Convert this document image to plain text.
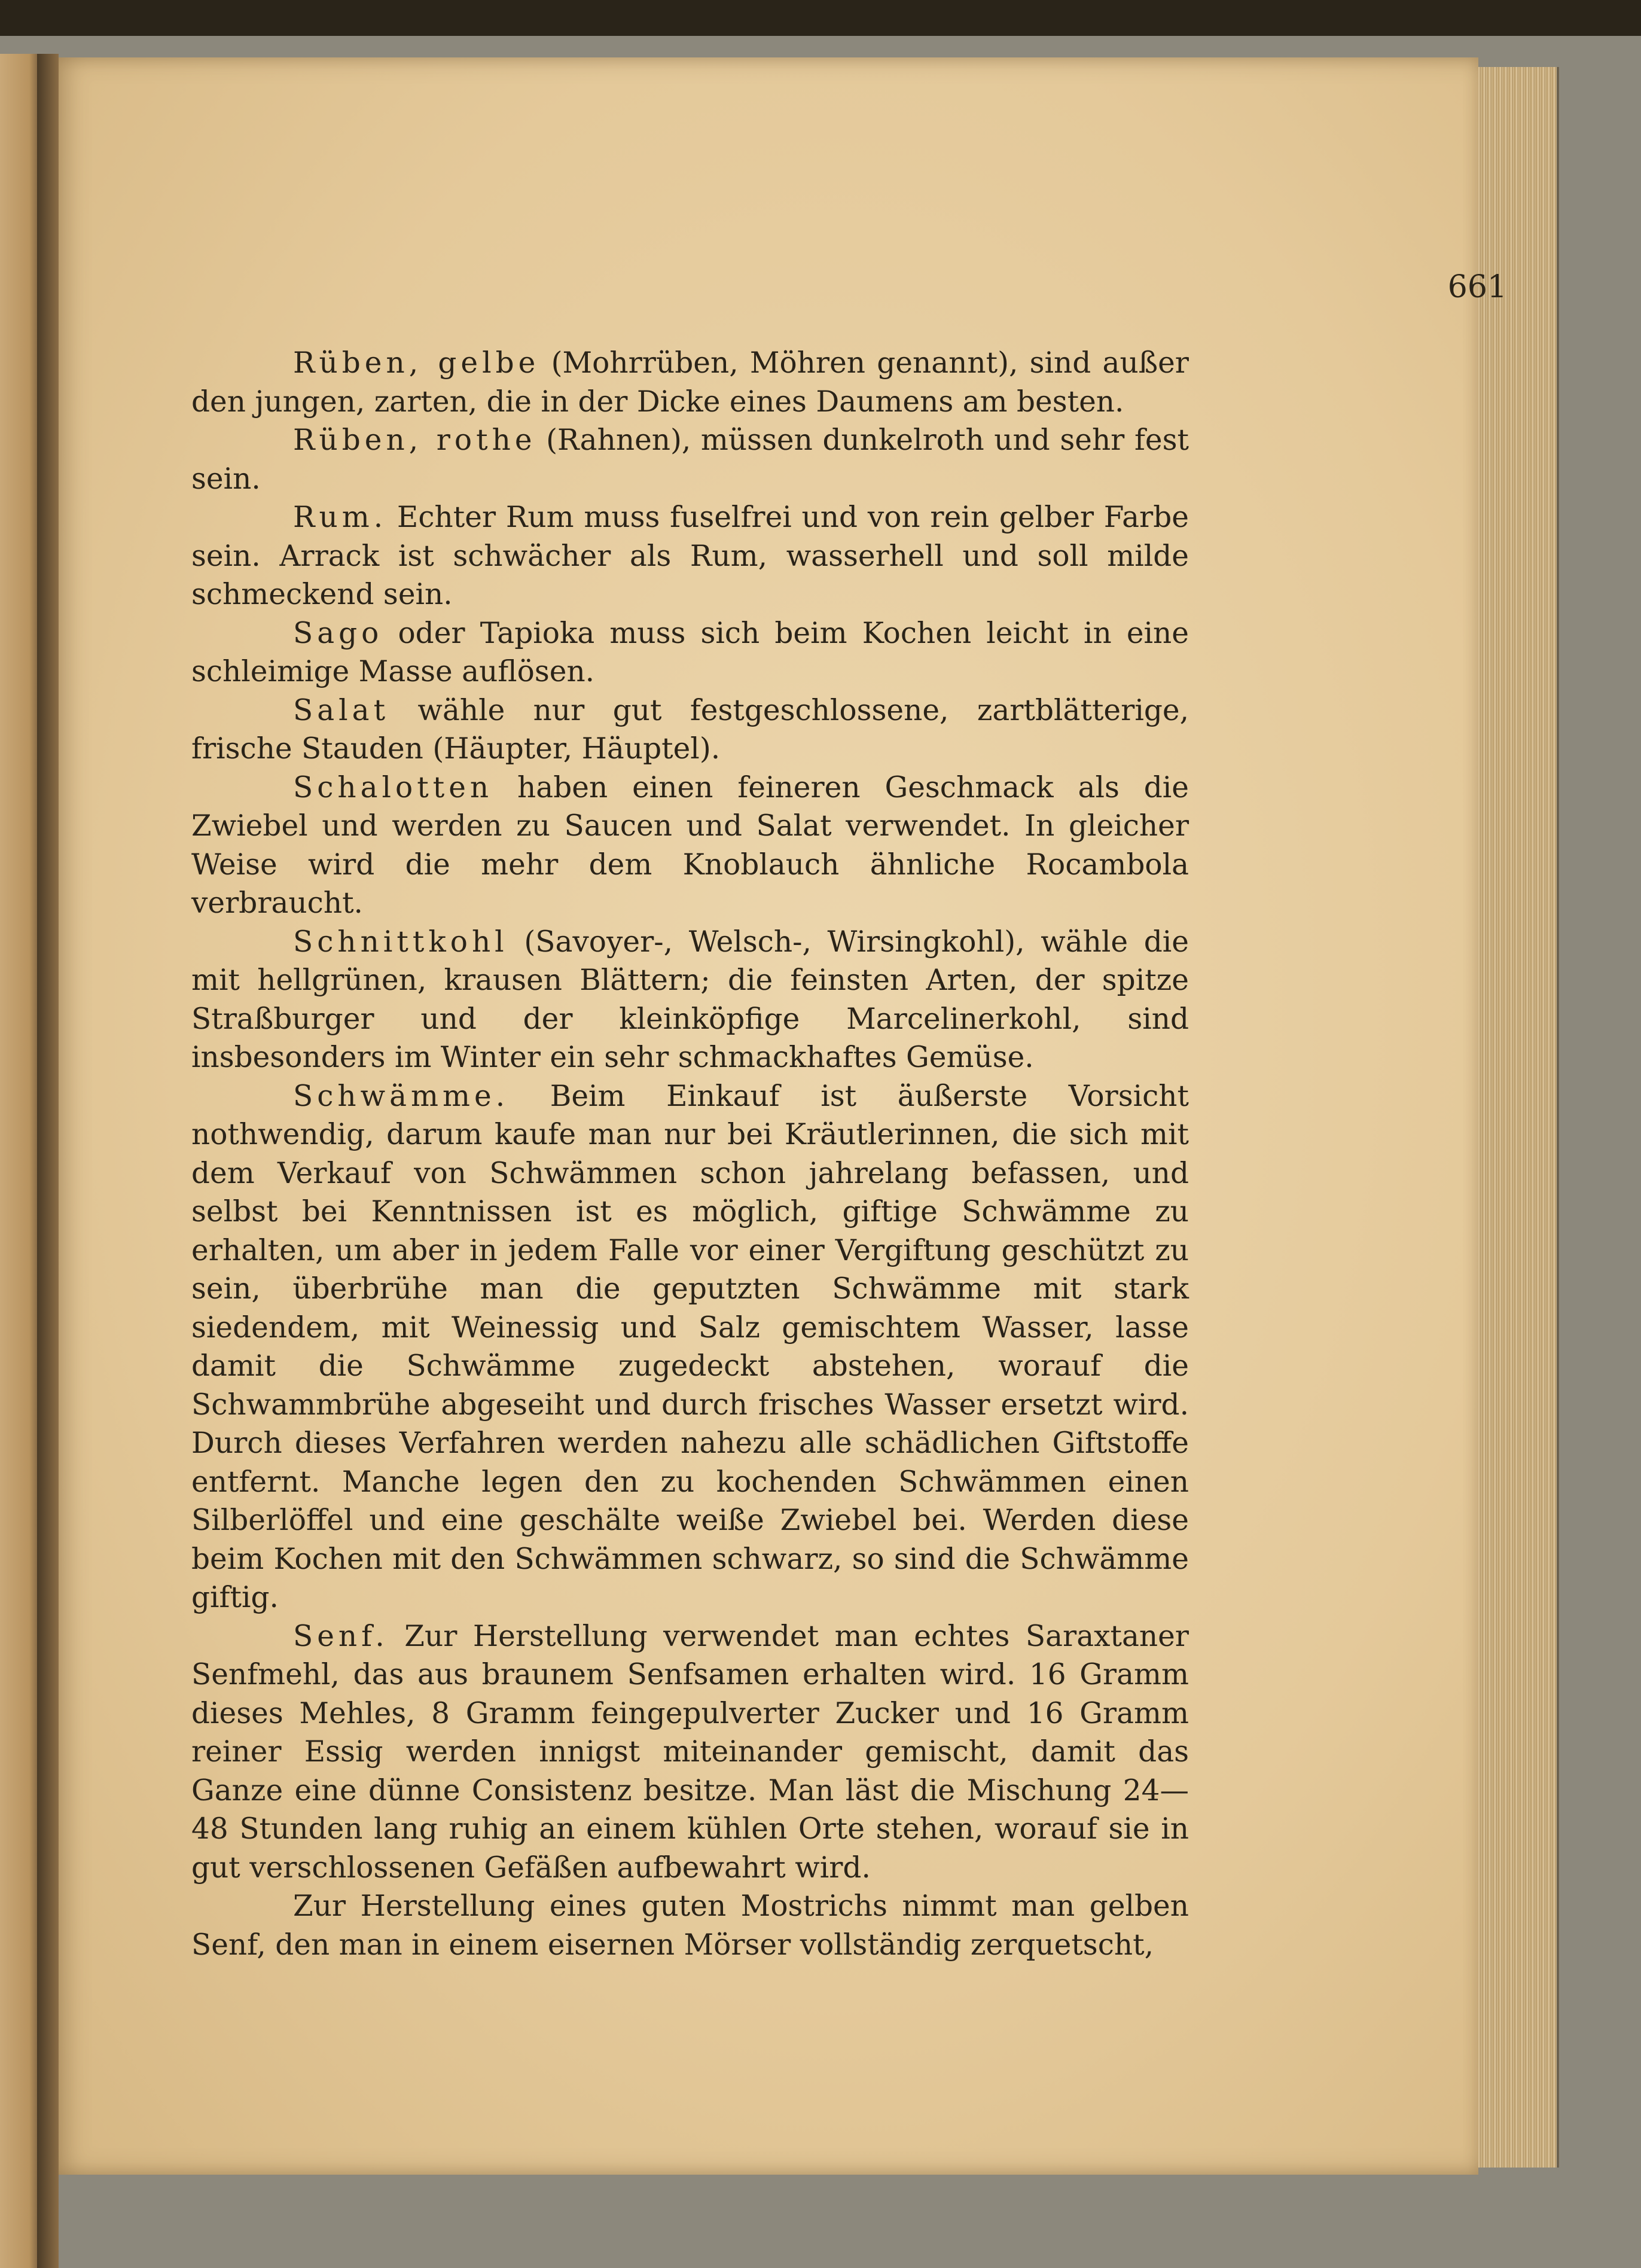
661

Rüben, gelbe (Mohrrüben, Möhren genannt), sind außer den jungen, zarten, die in der Dicke eines Daumens am besten.

Rüben, rothe (Rahnen), müssen dunkelroth und sehr fest sein.

Rum. Echter Rum muss fuselfrei und von rein gelber Farbe sein. Arrack ist schwächer als Rum, wasserhell und soll milde schmeckend sein.

Sago oder Tapioka muss sich beim Kochen leicht in eine schleimige Masse auflösen.

Salat wähle nur gut festgeschlossene, zartblätterige, frische Stauden (Häupter, Häuptel).

Schalotten haben einen feineren Geschmack als die Zwiebel und werden zu Saucen und Salat verwendet. In gleicher Weise wird die mehr dem Knoblauch ähnliche Rocambola verbraucht.

Schnittkohl (Savoyer-, Welsch-, Wirsingkohl), wähle die mit hellgrünen, krausen Blättern; die feinsten Arten, der spitze Straßburger und der kleinköpfige Marcelinerkohl, sind insbesonders im Winter ein sehr schmackhaftes Gemüse.

Schwämme. Beim Einkauf ist äußerste Vorsicht nothwendig, darum kaufe man nur bei Kräutlerinnen, die sich mit dem Verkauf von Schwämmen schon jahrelang befassen, und selbst bei Kenntnissen ist es möglich, giftige Schwämme zu erhalten, um aber in jedem Falle vor einer Vergiftung geschützt zu sein, überbrühe man die geputzten Schwämme mit stark siedendem, mit Weinessig und Salz gemischtem Wasser, lasse damit die Schwämme zugedeckt abstehen, worauf die Schwammbrühe abgeseiht und durch frisches Wasser ersetzt wird. Durch dieses Verfahren werden nahezu alle schädlichen Giftstoffe entfernt. Manche legen den zu kochenden Schwämmen einen Silberlöffel und eine geschälte weiße Zwiebel bei. Werden diese beim Kochen mit den Schwämmen schwarz, so sind die Schwämme giftig.

Senf. Zur Herstellung verwendet man echtes Saraxtaner Senfmehl, das aus braunem Senfsamen erhalten wird. 16 Gramm dieses Mehles, 8 Gramm feingepulverter Zucker und 16 Gramm reiner Essig werden innigst miteinander gemischt, damit das Ganze eine dünne Consistenz besitze. Man läst die Mischung 24—48 Stunden lang ruhig an einem kühlen Orte stehen, worauf sie in gut verschlossenen Gefäßen aufbewahrt wird.

Zur Herstellung eines guten Mostrichs nimmt man gelben Senf, den man in einem eisernen Mörser vollständig zerquetscht,
